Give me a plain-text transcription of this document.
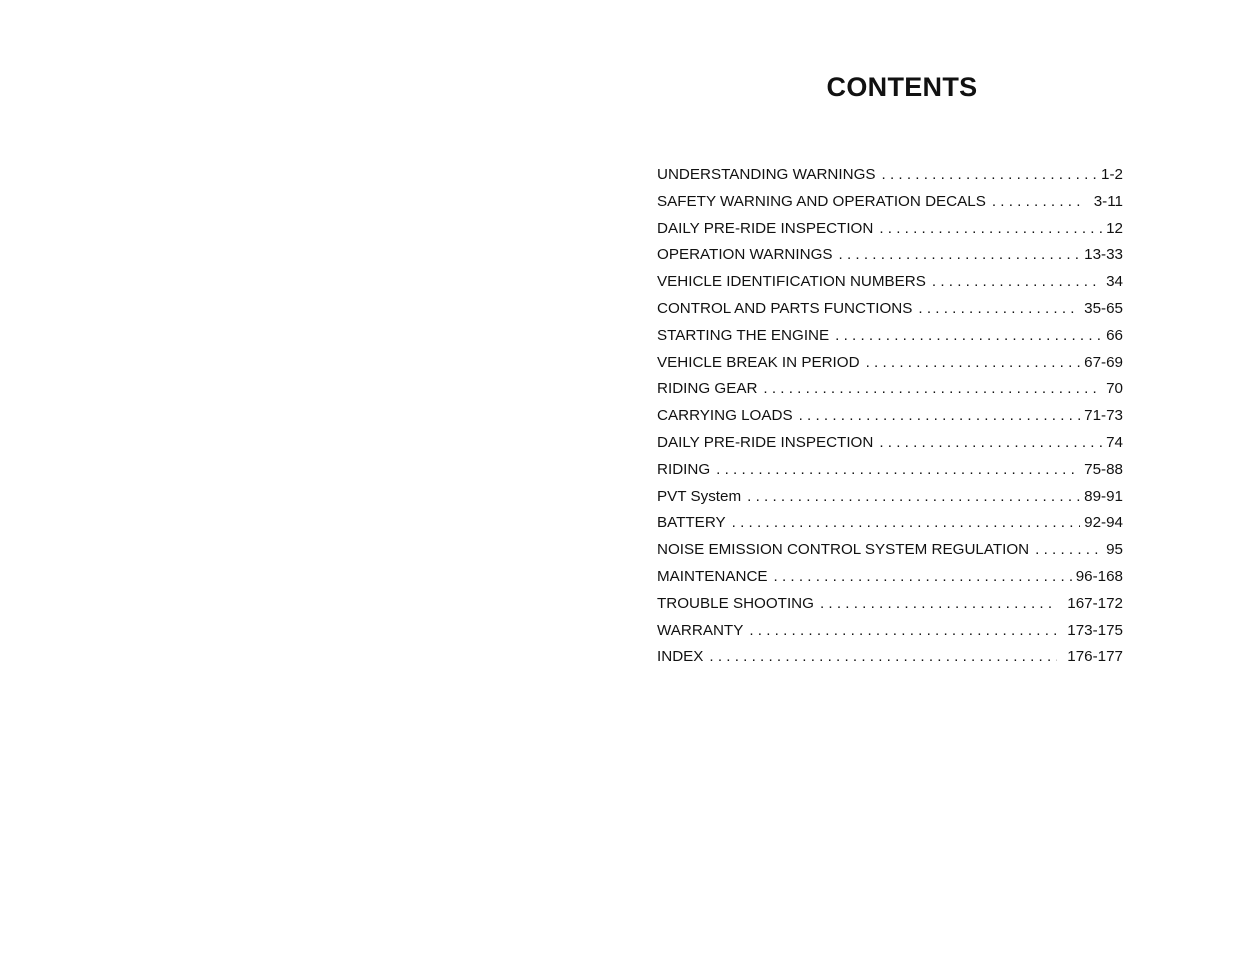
CONTENTS
UNDERSTANDING WARNINGS . . .	1-2
SAFETY WARNING AND OPERATION DECALS . . .	3-11
DAILY PRE-RIDE INSPECTION . . .	12
OPERATION WARNINGS . . .	13-33
VEHICLE IDENTIFICATION NUMBERS . . .	34
CONTROL AND PARTS FUNCTIONS . . .	35-65
STARTING THE ENGINE . . .	66
VEHICLE BREAK IN PERIOD . . .	67-69
RIDING GEAR . . .	70
CARRYING LOADS . . .	71-73
DAILY PRE-RIDE INSPECTION . . .	74
RIDING . . .	75-88
PVT System . . .	89-91
BATTERY . . .	92-94
NOISE EMISSION CONTROL SYSTEM REGULATION . . .	95
MAINTENANCE . . .	96-168
TROUBLE SHOOTING . . .	167-172
WARRANTY . . .	173-175
INDEX . . .	176-177
